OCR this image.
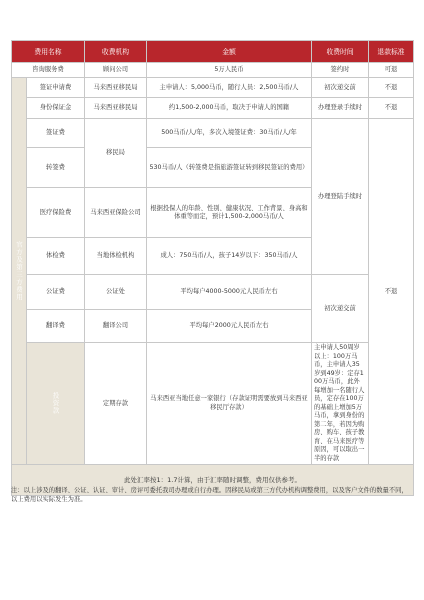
费用名称		收费机构	金额	收费时间	退款标准	
咨询服务费		顾问公司	5万人民币	签约时	可退	
官方及第三方费用	签证申请费	马来西亚移民局	主申请人：5,000马币，随行人员：2,500马币/人	初次递交前	不退	
	身份保证金	马来西亚移民局	约1,500-2,000马币，取决于申请人的国籍	办理登录手续时	不退	
	签证费	移民局	500马币/人/年，多次入境签证费：30马币/人/年	办理登陆手续时	不退	
	转签费		530马币/人（转签费是指旅游签证转到移民签证的费用）			
	医疗保险费	马来西亚保险公司	根据投保人的年龄、性别、健康状况、工作背景、身高和体重等而定，预计1,500-2,000马币/人			
	体检费	当地体检机构	成人：750马币/人，孩子14岁以下：350马币/人			
	公证费	公证处	平均每户4000-5000元人民币左右	初次递交前		
	翻译费	翻译公司	平均每户2000元人民币左右			
	投资款	定期存款	马来西亚当地任意一家银行（存款证明需要放到马来西亚移民厅存款）	主申请人50周岁以上：100万马币，主申请人35岁到49岁：定存100万马币，此外每增加一名随行人员，定存在100万的基础上增加5万马币，拿到身份的第二年，若因为购房、购车、孩子教育、在马来医疗等原因，可以取出一半的存款		
此处汇率按1：1.7计算，由于汇率随时调整，费用仅供参考。						
注：以上涉及的翻译、公证、认证、审计、房评可委托我司办理或自行办理。因移民局或第三方代办机构调整费用，以及客户文件的数量不同，以上费用以实际发生为准。
